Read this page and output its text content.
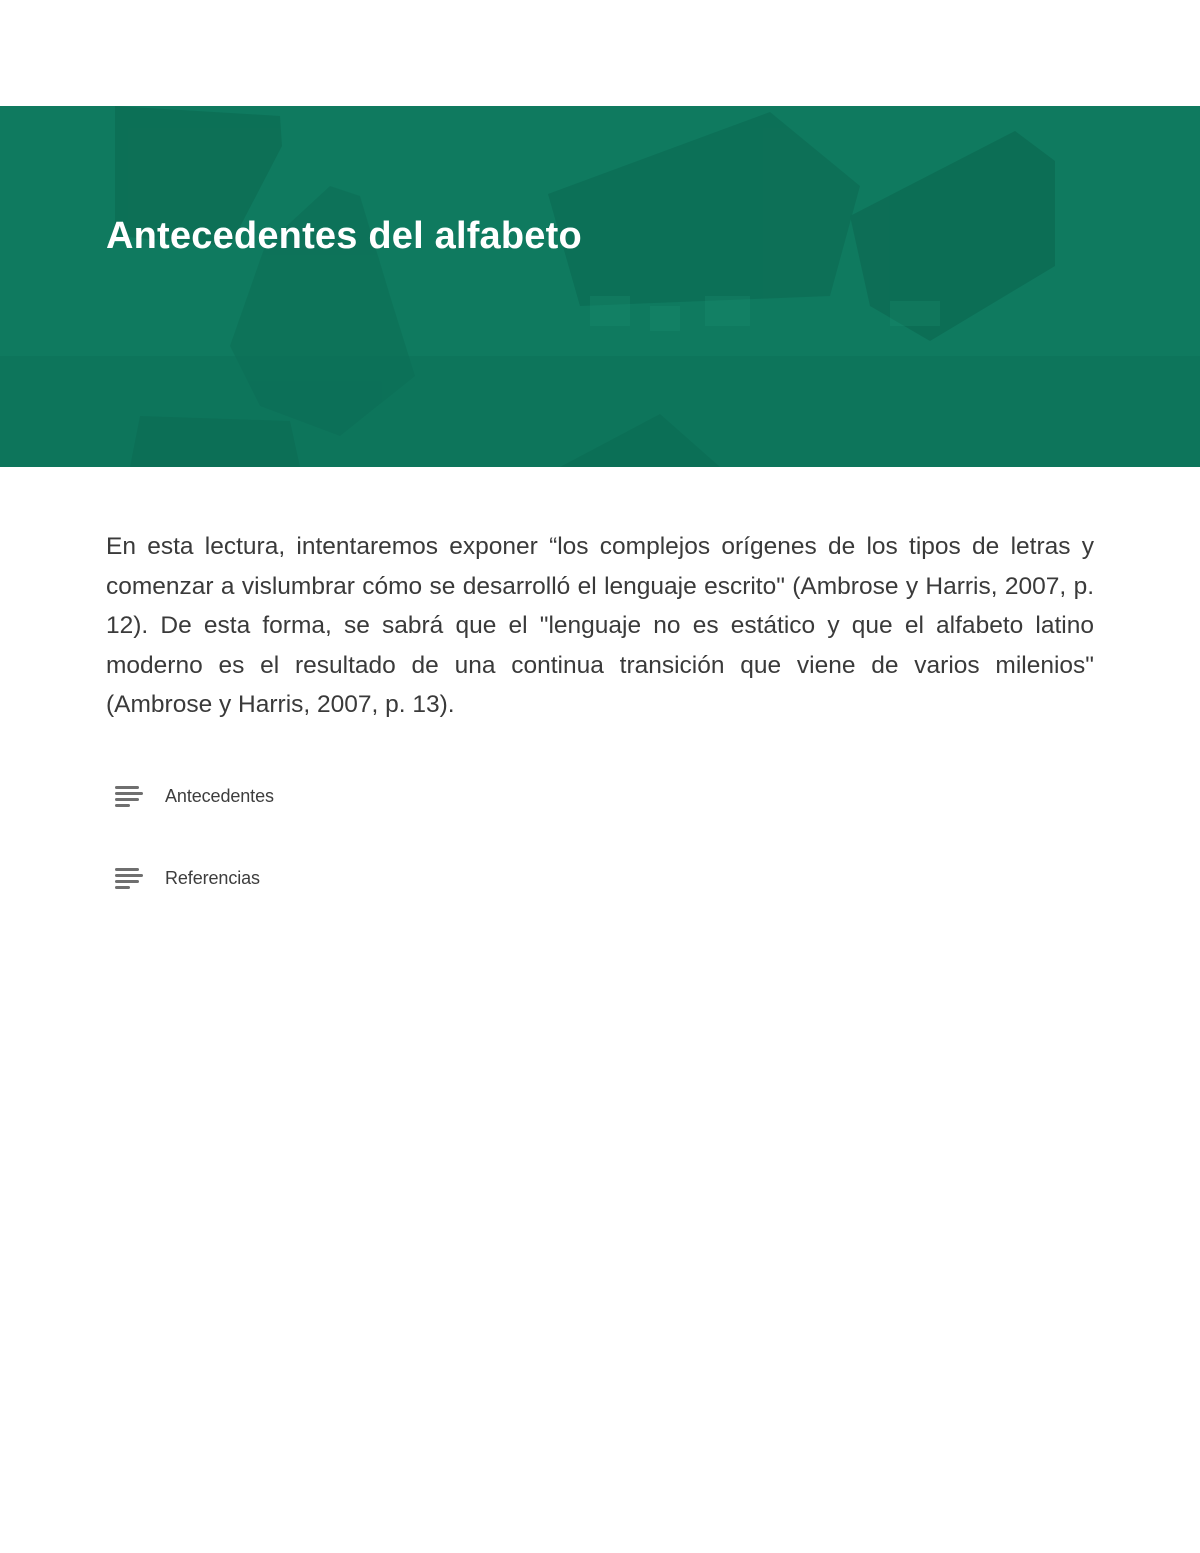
Antecedentes del alfabeto

En esta lectura, intentaremos exponer “los complejos orígenes de los tipos de letras y comenzar a vislumbrar cómo se desarrolló el lenguaje escrito" (Ambrose y Harris, 2007, p. 12). De esta forma, se sabrá que el "lenguaje no es estático y que el alfabeto latino moderno es el resultado de una continua transición que viene de varios milenios" (Ambrose y Harris, 2007, p. 13).

Antecedentes
Referencias
